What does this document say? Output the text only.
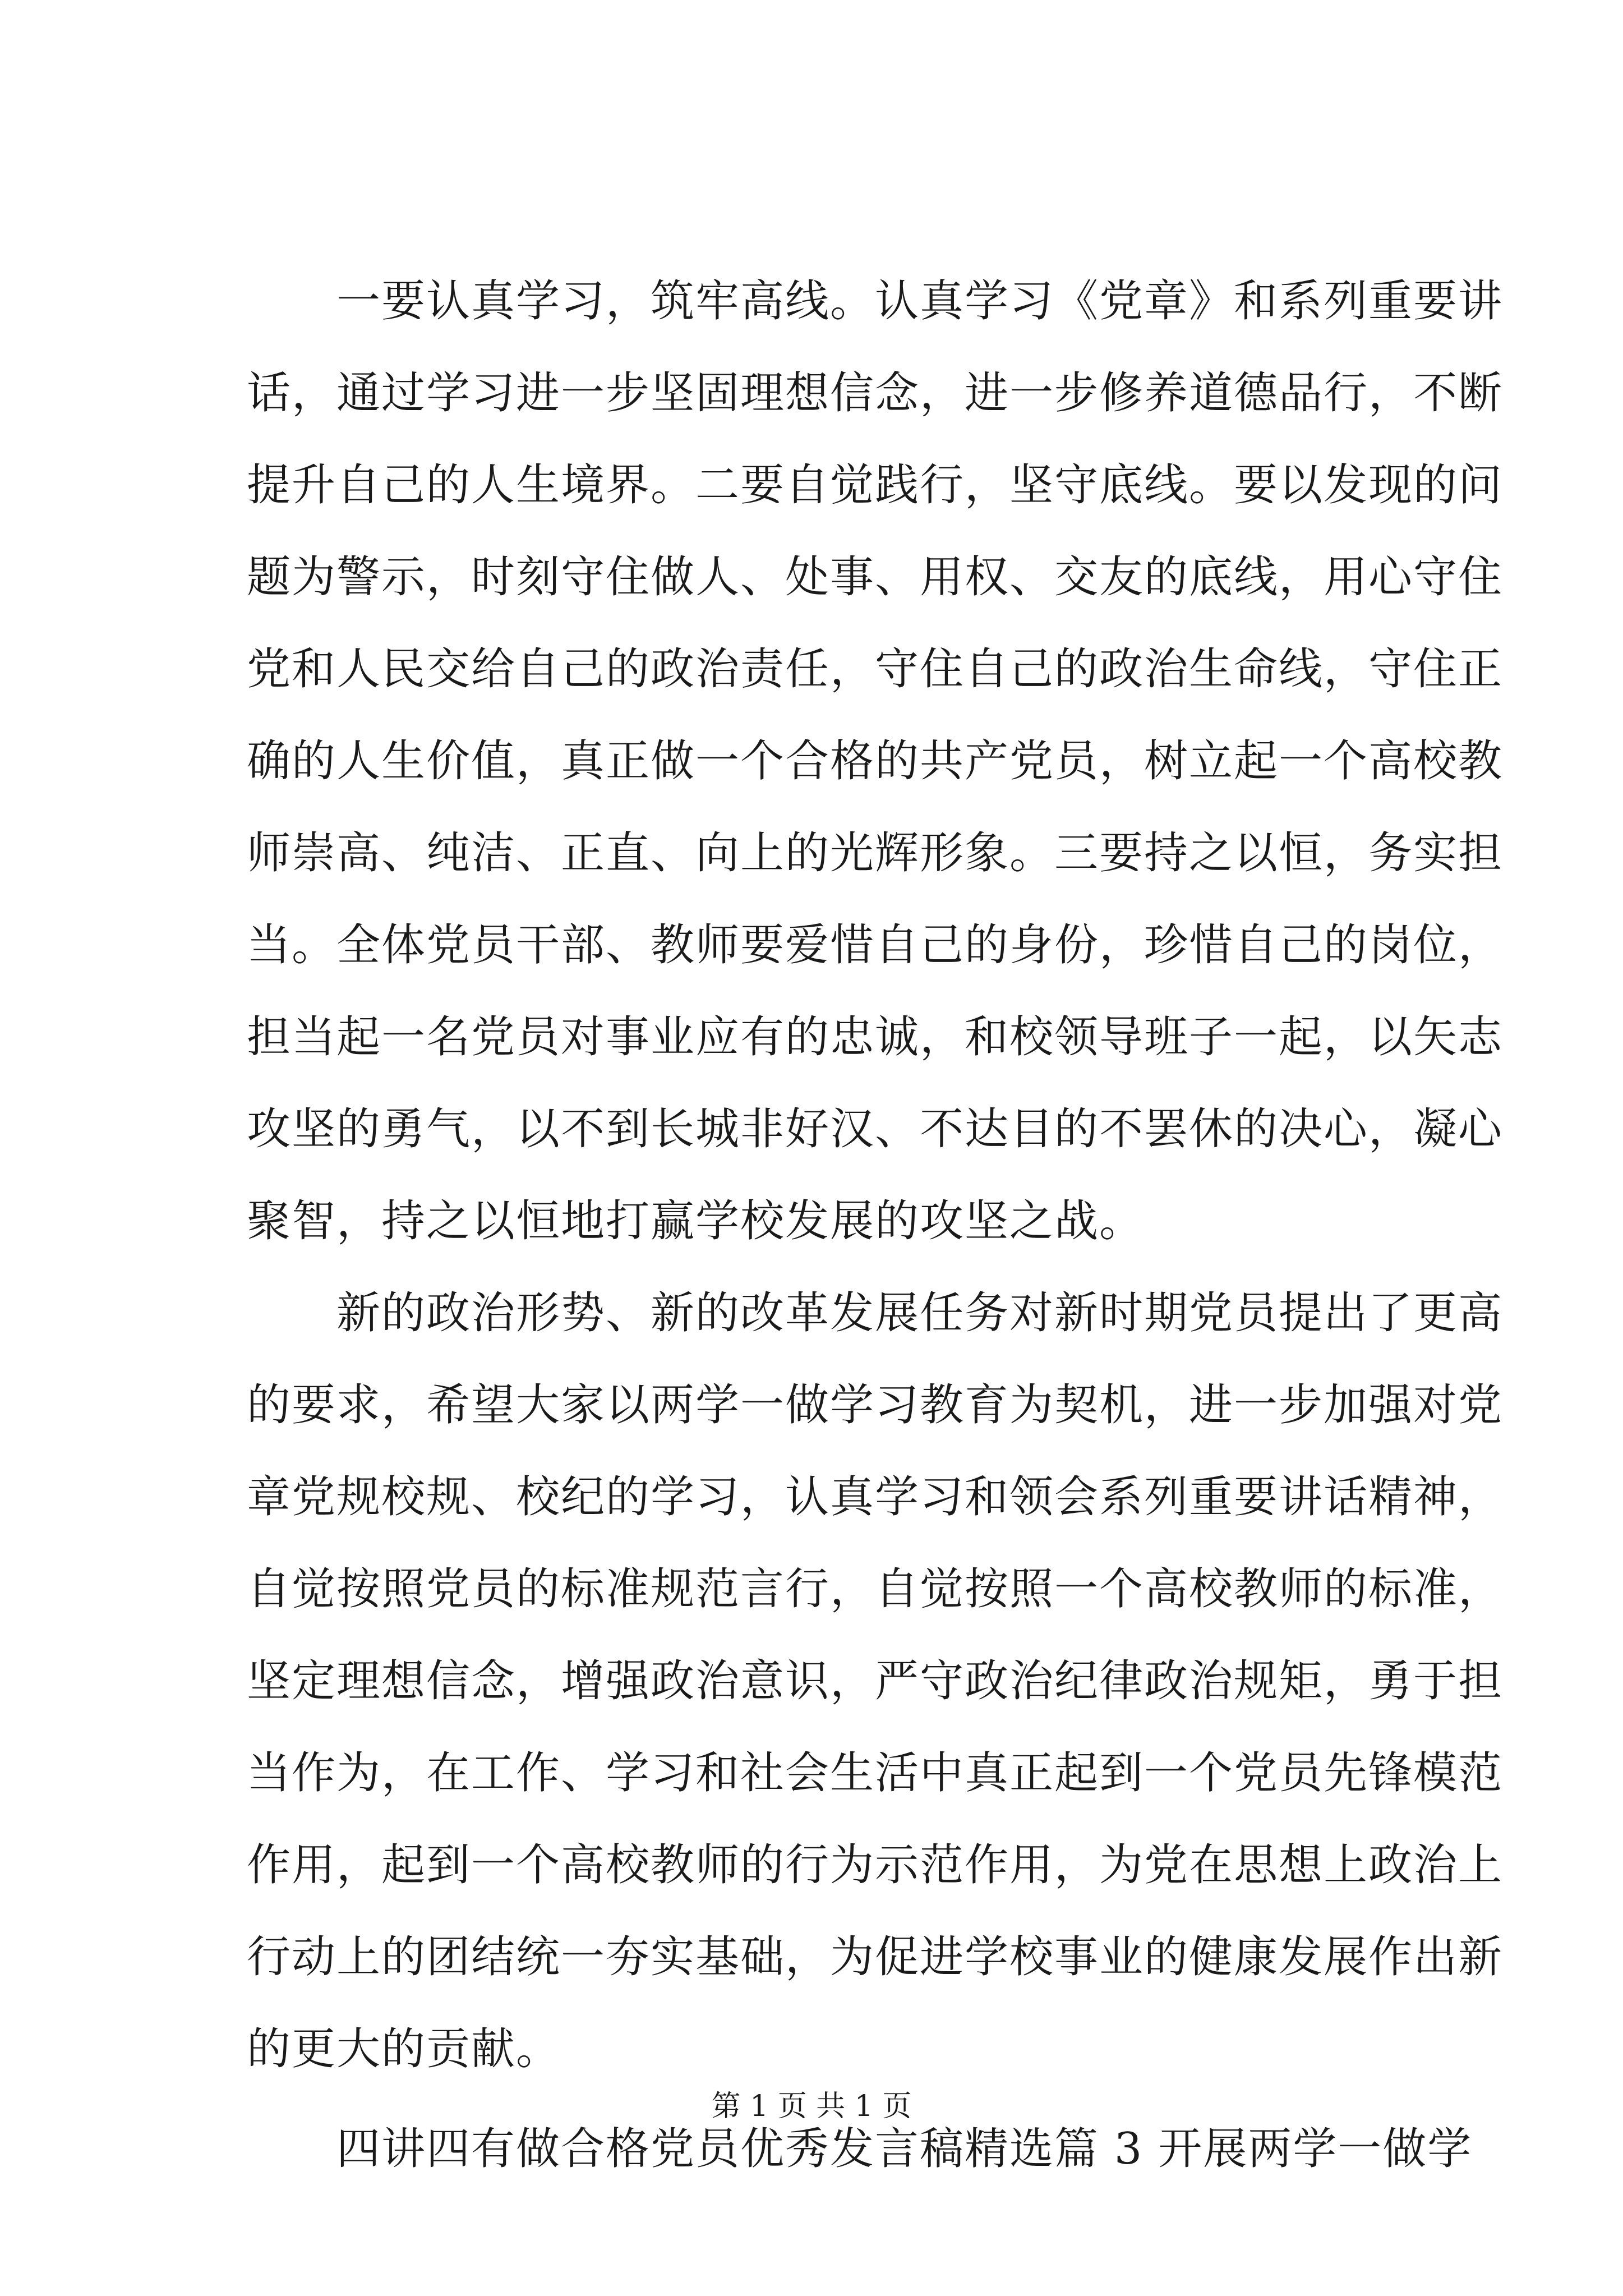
一要认真学习，筑牢高线。认真学习《党章》和系列重要讲
话，通过学习进一步坚固理想信念，进一步修养道德品行，不断
提升自己的人生境界。二要自觉践行，坚守底线。要以发现的问
题为警示，时刻守住做人、处事、用权、交友的底线，用心守住
党和人民交给自己的政治责任，守住自己的政治生命线，守住正
确的人生价值，真正做一个合格的共产党员，树立起一个高校教
师崇高、纯洁、正直、向上的光辉形象。三要持之以恒，务实担
当。全体党员干部、教师要爱惜自己的身份，珍惜自己的岗位，
担当起一名党员对事业应有的忠诚，和校领导班子一起，以矢志
攻坚的勇气，以不到长城非好汉、不达目的不罢休的决心，凝心
聚智，持之以恒地打赢学校发展的攻坚之战。
新的政治形势、新的改革发展任务对新时期党员提出了更高
的要求，希望大家以两学一做学习教育为契机，进一步加强对党
章党规校规、校纪的学习，认真学习和领会系列重要讲话精神，
自觉按照党员的标准规范言行，自觉按照一个高校教师的标准，
坚定理想信念，增强政治意识，严守政治纪律政治规矩，勇于担
当作为，在工作、学习和社会生活中真正起到一个党员先锋模范
作用，起到一个高校教师的行为示范作用，为党在思想上政治上
行动上的团结统一夯实基础，为促进学校事业的健康发展作出新
的更大的贡献。
四讲四有做合格党员优秀发言稿精选篇 3 开展两学一做学
第 1 页 共 1 页
